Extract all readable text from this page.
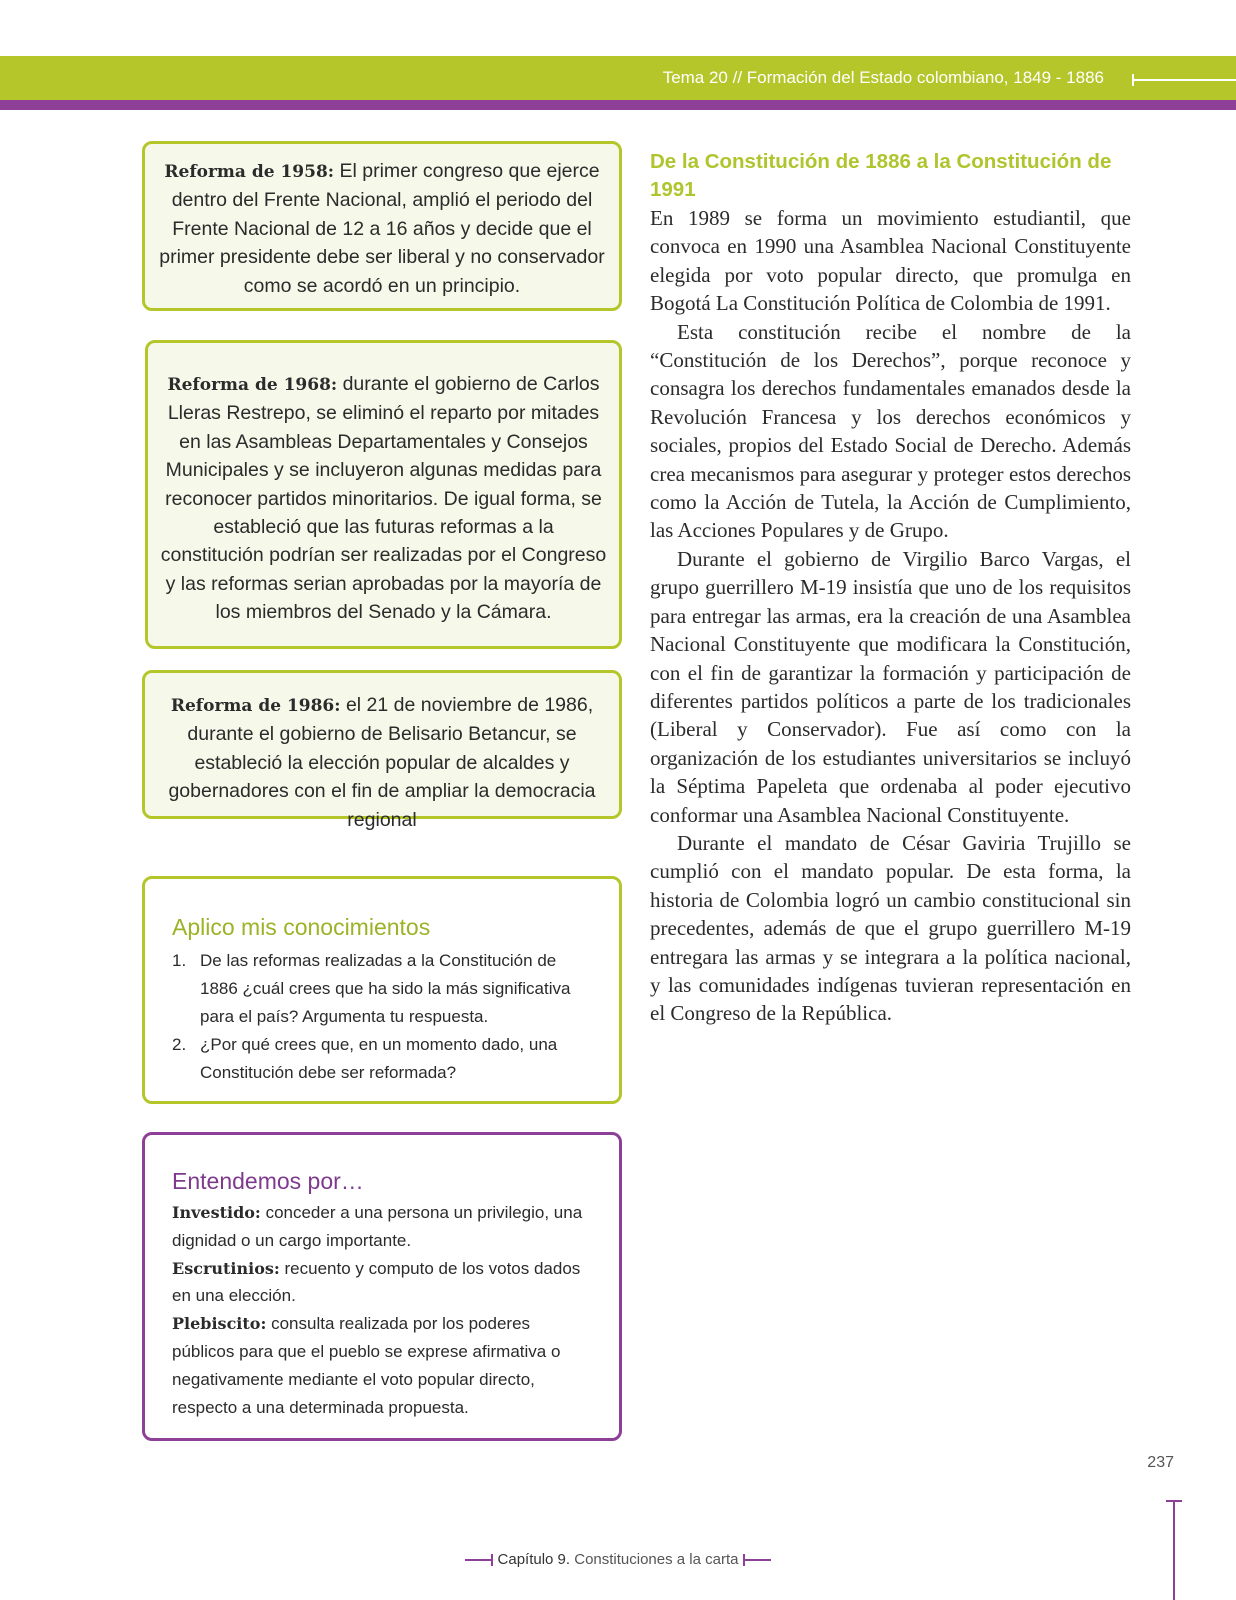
Tema 20 // Formación del Estado colombiano, 1849 - 1886
Reforma de 1958: El primer congreso que ejerce dentro del Frente Nacional, amplió el periodo del Frente Nacional de 12 a 16 años y decide que el primer presidente debe ser liberal y no conservador como se acordó en un principio.
Reforma de 1968: durante el gobierno de Carlos Lleras Restrepo, se eliminó el reparto por mitades en las Asambleas Departamentales y Consejos Municipales y se incluyeron algunas medidas para reconocer partidos minoritarios. De igual forma, se estableció que las futuras reformas a la constitución podrían ser realizadas por el Congreso y las reformas serian aprobadas por la mayoría de los miembros del Senado y la Cámara.
Reforma de 1986: el 21 de noviembre de 1986, durante el gobierno de Belisario Betancur, se estableció la elección popular de alcaldes y gobernadores con el fin de ampliar la democracia regional
Aplico mis conocimientos
1. De las reformas realizadas a la Constitución de 1886 ¿cuál crees que ha sido la más significativa para el país? Argumenta tu respuesta.
2. ¿Por qué crees que, en un momento dado, una Constitución debe ser reformada?
Entendemos por…

Investido: conceder a una persona un privilegio, una dignidad o un cargo importante.

Escrutinios: recuento y computo de los votos dados en una elección.

Plebiscito: consulta realizada por los poderes públicos para que el pueblo se exprese afirmativa o negativamente mediante el voto popular directo, respecto a una determinada propuesta.

De la Constitución de 1886 a la Constitución de 1991

En 1989 se forma un movimiento estudiantil, que convoca en 1990 una Asamblea Nacional Constituyente elegida por voto popular directo, que promulga en Bogotá La Constitución Política de Colombia de 1991.

Esta constitución recibe el nombre de la “Constitución de los Derechos”, porque reconoce y consagra los derechos fundamentales emanados desde la Revolución Francesa y los derechos económicos y sociales, propios del Estado Social de Derecho. Además crea mecanismos para asegurar y proteger estos derechos como la Acción de Tutela, la Acción de Cumplimiento, las Acciones Populares y de Grupo.

Durante el gobierno de Virgilio Barco Vargas, el grupo guerrillero M-19 insistía que uno de los requisitos para entregar las armas, era la creación de una Asamblea Nacional Constituyente que modificara la Constitución, con el fin de garantizar la formación y participación de diferentes partidos políticos a parte de los tradicionales (Liberal y Conservador). Fue así como con la organización de los estudiantes universitarios se incluyó la Séptima Papeleta que ordenaba al poder ejecutivo conformar una Asamblea Nacional Constituyente.

Durante el mandato de César Gaviria Trujillo se cumplió con el mandato popular. De esta forma, la historia de Colombia logró un cambio constitucional sin precedentes, además de que el grupo guerrillero M-19 entregara las armas y se integrara a la política nacional, y las comunidades indígenas tuvieran representación en el Congreso de la República.

237
Capítulo 9. Constituciones a la carta
